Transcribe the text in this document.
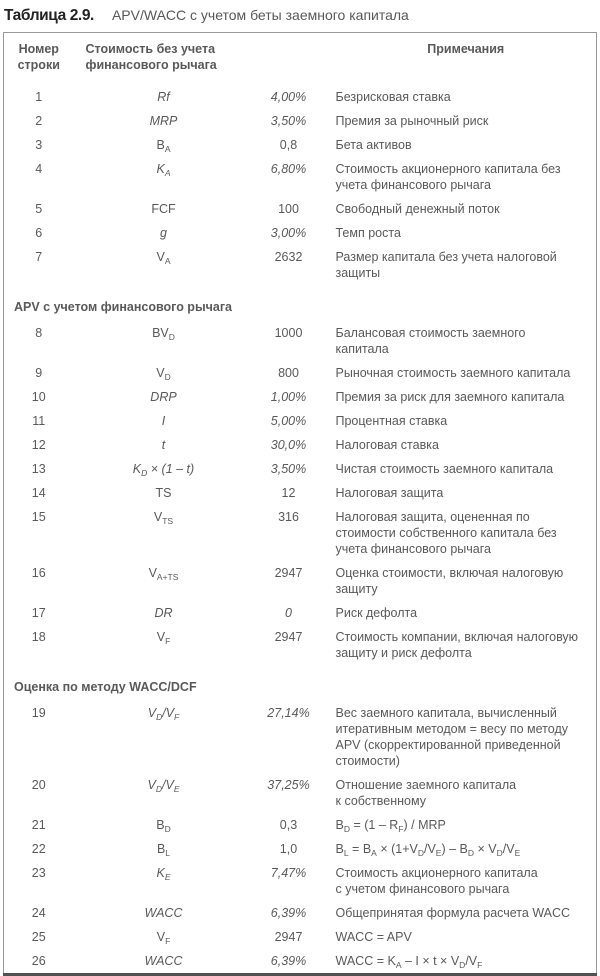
Таблица 2.9. APV/WACC с учетом беты заемного капитала
Номер строки	Стоимость без учета финансового рычага		Примечания
1	Rf	4,00%	Безрисковая ставка
2	MRP	3,50%	Премия за рыночный риск
3	$B_A$	0,8	Бета активов
4	$K_A$	6,80%	Стоимость акционерного капитала без учета финансового рычага
5	FCF	100	Свободный денежный поток
6	g	3,00%	Темп роста
7	$V_A$	2632	Размер капитала без учета налоговой защиты
APV с учетом финансового рычага			
8	$BV_D$	1000	Балансовая стоимость заемного капитала
9	$V_D$	800	Рыночная стоимость заемного капитала
10	DRP	1,00%	Премия за риск для заемного капитала
11	I	5,00%	Процентная ставка
12	t	30,0%	Налоговая ставка
13	$K_D \times (1 - t)$	3,50%	Чистая стоимость заемного капитала
14	TS	12	Налоговая защита
15	$V_{TS}$	316	Налоговая защита, оцененная по стоимости собственного капитала без учета финансового рычага
16	$V_{A+TS}$	2947	Оценка стоимости, включая налоговую защиту
17	DR	0	Риск дефолта
18	$V_F$	2947	Стоимость компании, включая налоговую защиту и риск дефолта
Оценка по методу WACC/DCF			
19	$V_D/V_F$	27,14%	Вес заемного капитала, вычисленный итеративным методом = весу по методу APV (скорректированной приведенной стоимости)
20	$V_D/V_E$	37,25%	Отношение заемного капитала к собственному
21	$B_D$	0,3	$B_D = (1 - R_F)$ / MRP
22	$B_L$	1,0	$B_L = B_A \times (1+V_D/V_E) - B_D \times V_D/V_E$
23	$K_E$	7,47%	Стоимость акционерного капитала с учетом финансового рычага
24	WACC	6,39%	Общепринятая формула расчета WACC
25	$V_F$	2947	WACC = APV
26	WACC	6,39%	WACC = $K_A - I \times t \times V_D/V_F$
